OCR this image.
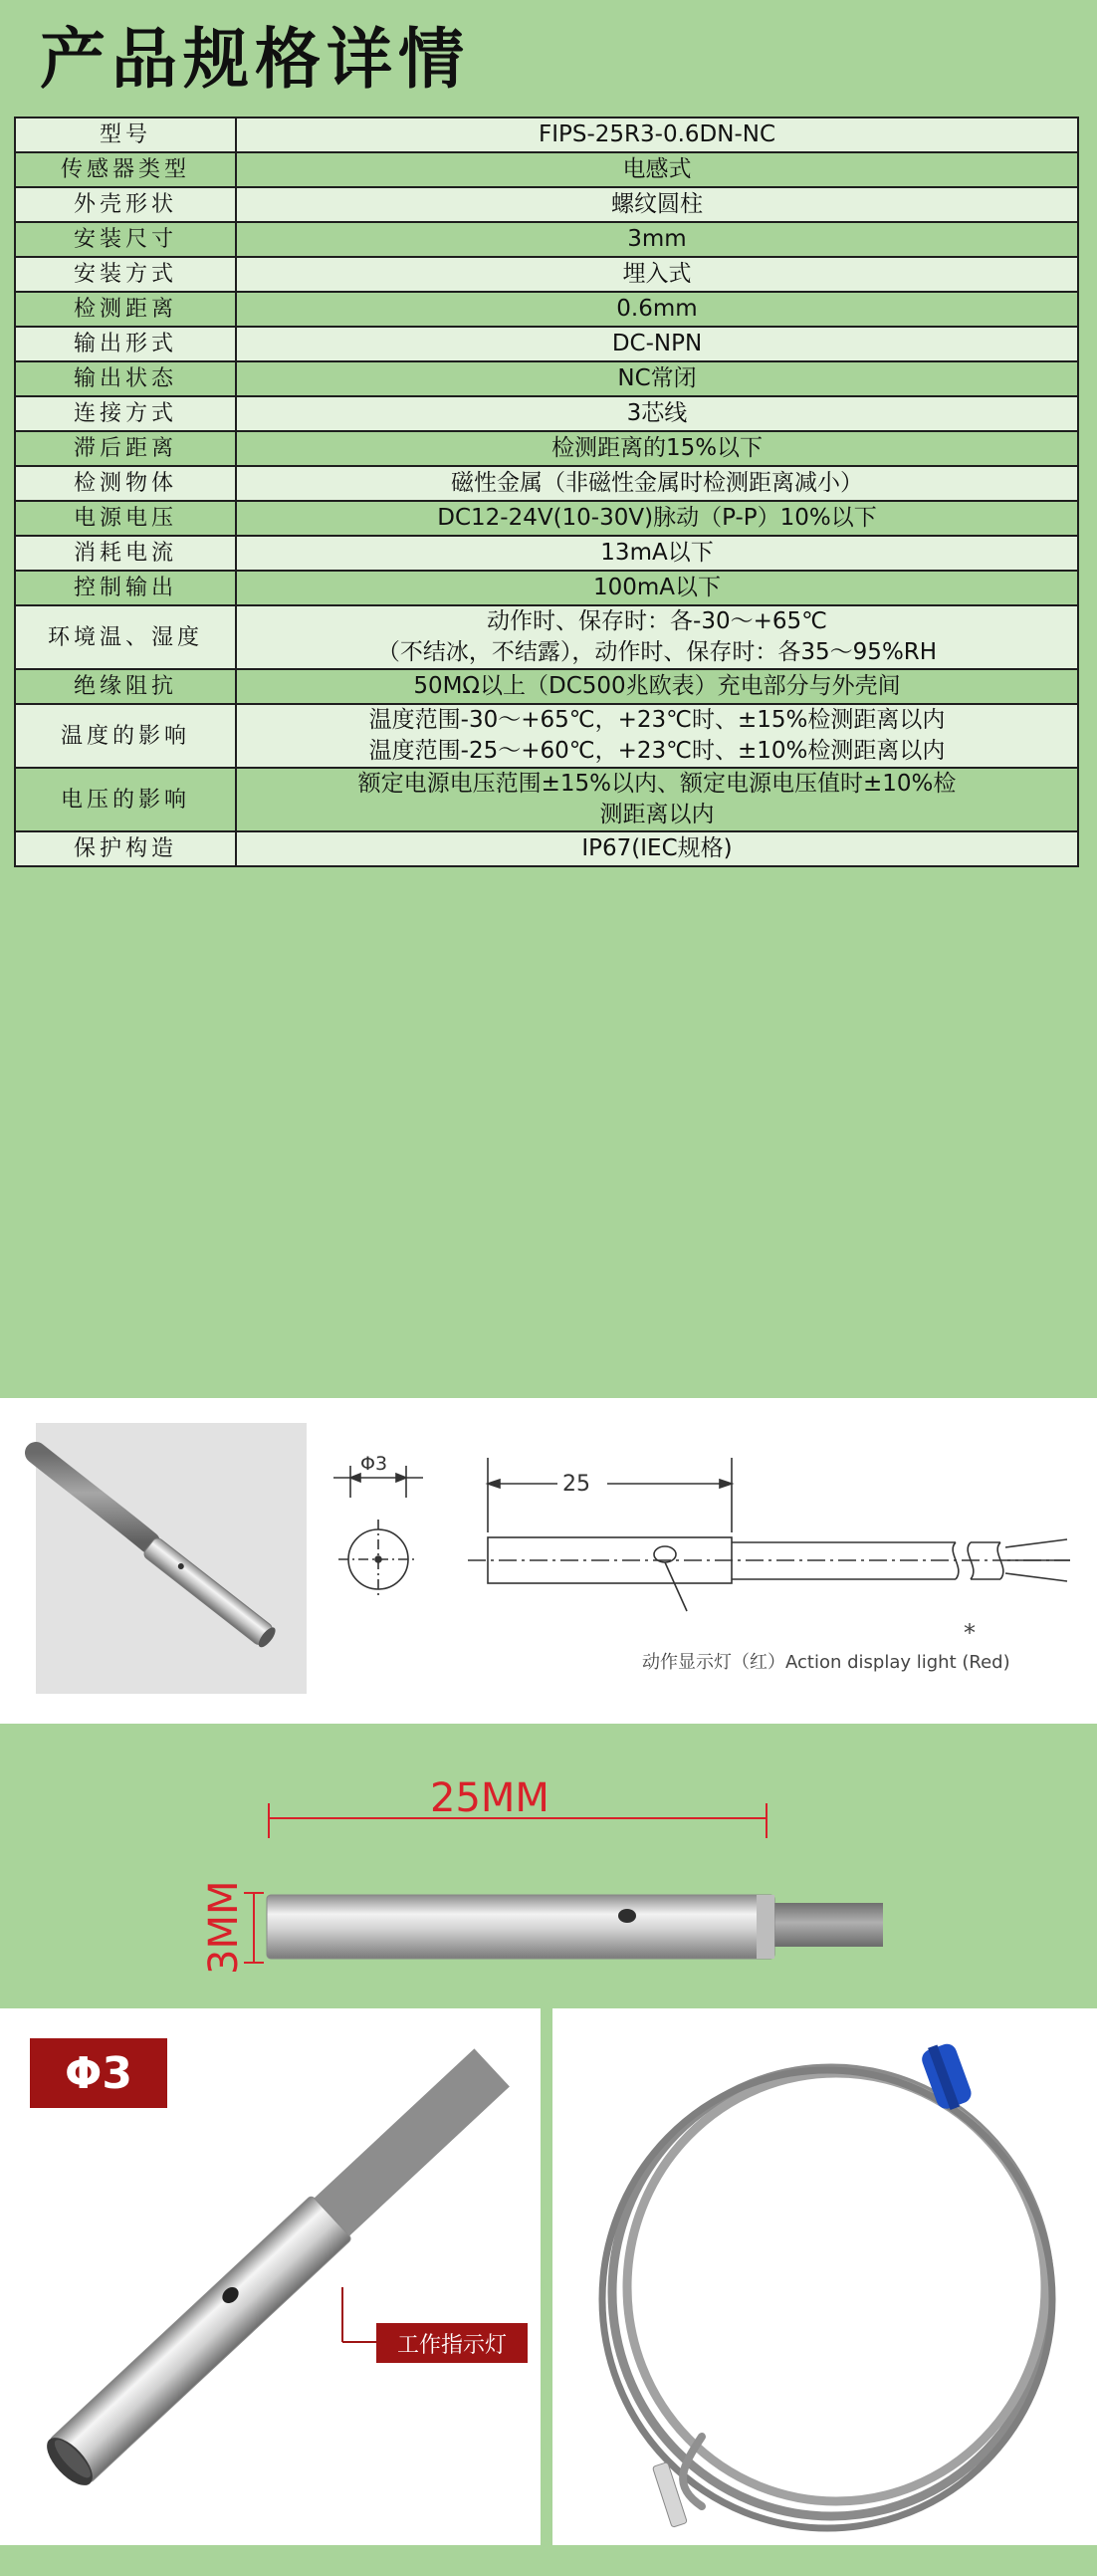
产品规格详情
型号	FIPS-25R3-0.6DN-NC

传感器类型	电感式

外壳形状	螺纹圆柱

安装尺寸	3mm

安装方式	埋入式

检测距离	0.6mm

输出形式	DC-NPN

输出状态	NC常闭

连接方式	3芯线

滞后距离	检测距离的15%以下

检测物体	磁性金属（非磁性金属时检测距离减小）

电源电压	DC12-24V(10-30V)脉动（P-P）10%以下

消耗电流	13mA以下

控制输出	100mA以下

环境温、湿度	动作时、保存时：各-30～+65℃
（不结冰，不结露），动作时、保存时：各35～95%RH

绝缘阻抗	50MΩ以上（DC500兆欧表）充电部分与外壳间

温度的影响	温度范围-30～+65℃，+23℃时、±15%检测距离以内
温度范围-25～+60℃，+23℃时、±10%检测距离以内

电压的影响	额定电源电压范围±15%以内、额定电源电压值时±10%检
测距离以内

保护构造	IP67(IEC规格)
Φ3
25
动作显示灯（红）Action display light (Red)
*
25MM
3MM
Φ3
工作指示灯
